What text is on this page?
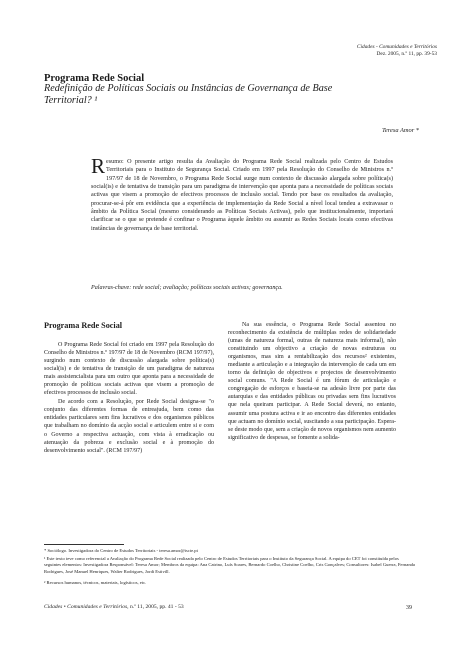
Cidades - Comunidades e Territórios
Dez. 2005, n.º 11, pp. 39-53
Programa Rede Social
Redefinição de Políticas Sociais ou Instâncias de Governança de Base Territorial? ¹
Teresa Amor *

Resumo: O presente artigo resulta da Avaliação do Programa Rede Social realizada pelo Centro de Estudos Territoriais para o Instituto de Segurança Social. Criado em 1997 pela Resolução do Conselho de Ministros n.º 197/97 de 18 de Novembro, o Programa Rede Social surge num contexto de discussão alargada sobre política(s) social(is) e de tentativa de transição para um paradigma de intervenção que aponta para a necessidade de políticas sociais activas que visem a promoção de efectivos processos de inclusão social. Tendo por base os resultados da avaliação, procurar-se-á pôr em evidência que a experiência de implementação da Rede Social a nível local tendeu a extravasar o âmbito da Política Social (mesmo considerando as Políticas Sociais Activas), pelo que institucionalmente, importará clarificar se o que se pretende é confinar o Programa àquele âmbito ou assumir as Redes Sociais locais como efectivas instâncias de governança de base territorial.

Palavras-chave: rede social; avaliação; políticas sociais activas; governança.
Programa Rede Social

O Programa Rede Social foi criado em 1997 pela Resolução do Conselho de Ministros n.º 197/97 de 18 de Novembro (RCM 197/97), surgindo num contexto de discussão alargada sobre política(s) social(is) e de tentativa de transição de um paradigma de natureza mais assistencialista para um outro que aponta para a necessidade de promoção de políticas sociais activas que visem a promoção de efectivos processos de inclusão social.

De acordo com a Resolução, por Rede Social designa-se "o conjunto das diferentes formas de entreajuda, bem como das entidades particulares sem fins lucrativos e dos organismos públicos que trabalham no domínio da acção social e articulem entre si e com o Governo a respectiva actuação, com vista à erradicação ou atenuação da pobreza e exclusão social e à promoção do desenvolvimento social". (RCM 197/97)

Na sua essência, o Programa Rede Social assentou no reconhecimento da existência de múltiplas redes de solidariedade (umas de natureza formal, outras de natureza mais informal), não constituindo um objectivo a criação de novas estruturas ou organismos, mas sim a rentabilização dos recursos² existentes, mediante a articulação e a integração da intervenção de cada um em torno da definição de objectivos e projectos de desenvolvimento social comuns. "A Rede Social é um fórum de articulação e congregação de esforços e baseia-se na adesão livre por parte das autarquias e das entidades públicas ou privadas sem fins lucrativos que nela queiram participar. A Rede Social deverá, no entanto, assumir uma postura activa e ir ao encontro das diferentes entidades que actuam no domínio social, suscitando a sua participação. Espera-se deste modo que, sem a criação de novos organismos nem aumento significativo de despesas, se fomente a solida-

* Sociólogo. Investigadora do Centro de Estudos Territoriais - teresa.amor@iscte.pt
¹ Este texto teve como referencial a Avaliação do Programa Rede Social realizada pelo Centro de Estudos Territoriais para o Instituto da Segurança Social. A equipa do CET foi constituída pelos seguintes elementos: Investigadora Responsável: Teresa Amor; Membros da equipa: Ana Catrino, Luís Soares, Bernardo Coelho, Christine Coelho, Cris Gonçalves; Consultores: Isabel Guerra, Fernanda Rodrigues, José Manuel Henriques, Walter Rodrigues, Jordi Estivill.
² Recursos humanos, técnicos, materiais, logísticos, etc.
Cidades • Comunidades e Territórios, n.º 11, 2005, pp. 41 - 53	39
